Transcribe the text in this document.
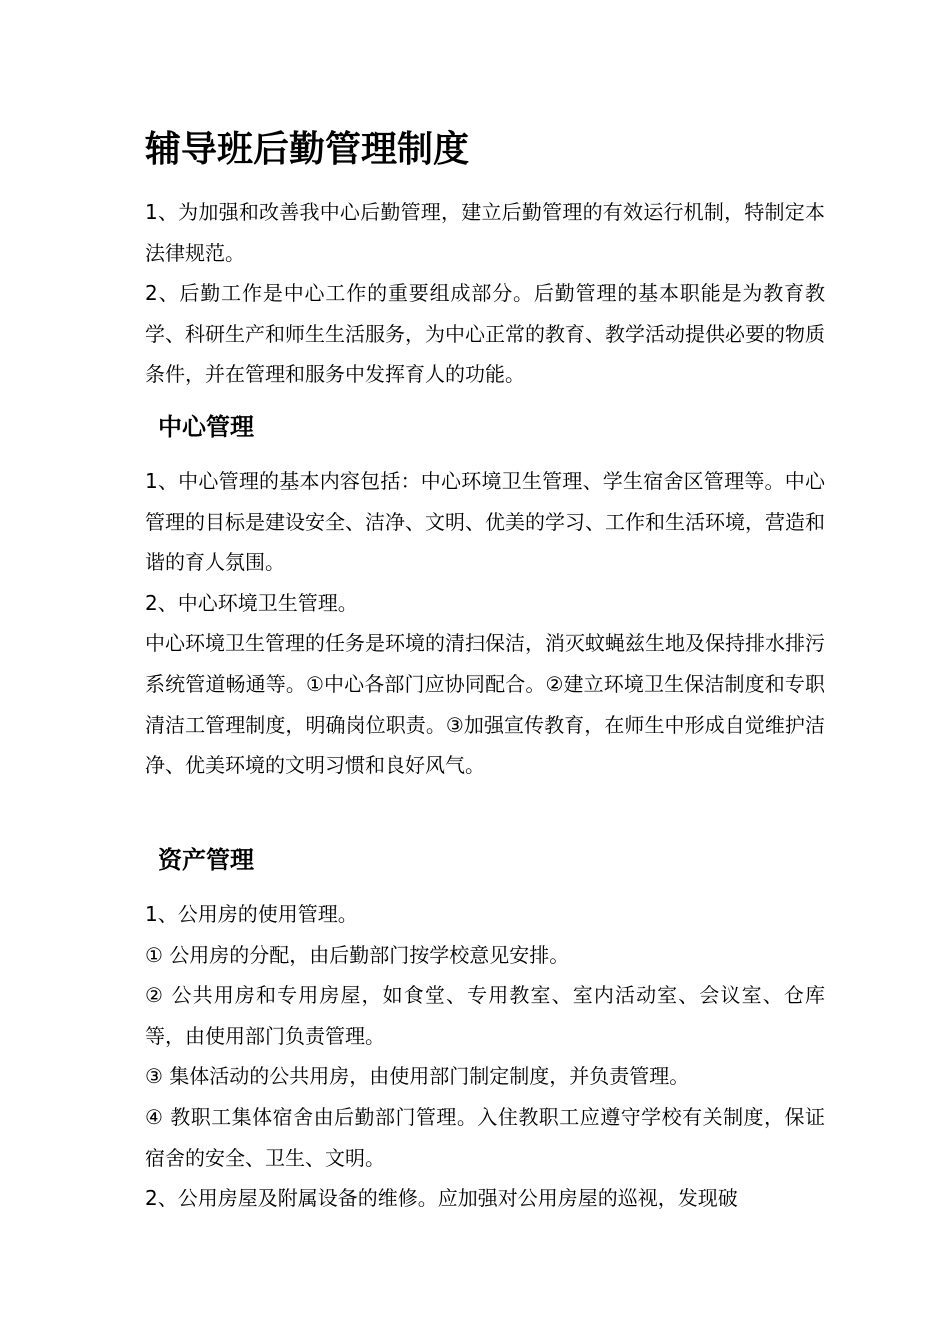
辅导班后勤管理制度

1、为加强和改善我中心后勤管理，建立后勤管理的有效运行机制，特制定本法律规范。

2、后勤工作是中心工作的重要组成部分。后勤管理的基本职能是为教育教学、科研生产和师生生活服务，为中心正常的教育、教学活动提供必要的物质条件，并在管理和服务中发挥育人的功能。

中心管理

1、中心管理的基本内容包括：中心环境卫生管理、学生宿舍区管理等。中心管理的目标是建设安全、洁净、文明、优美的学习、工作和生活环境，营造和谐的育人氛围。

2、中心环境卫生管理。

中心环境卫生管理的任务是环境的清扫保洁，消灭蚊蝇兹生地及保持排水排污系统管道畅通等。①中心各部门应协同配合。②建立环境卫生保洁制度和专职清洁工管理制度，明确岗位职责。③加强宣传教育，在师生中形成自觉维护洁净、优美环境的文明习惯和良好风气。

资产管理

1、公用房的使用管理。

① 公用房的分配，由后勤部门按学校意见安排。

② 公共用房和专用房屋，如食堂、专用教室、室内活动室、会议室、仓库等，由使用部门负责管理。

③ 集体活动的公共用房，由使用部门制定制度，并负责管理。

④ 教职工集体宿舍由后勤部门管理。入住教职工应遵守学校有关制度，保证宿舍的安全、卫生、文明。

2、公用房屋及附属设备的维修。应加强对公用房屋的巡视，发现破
